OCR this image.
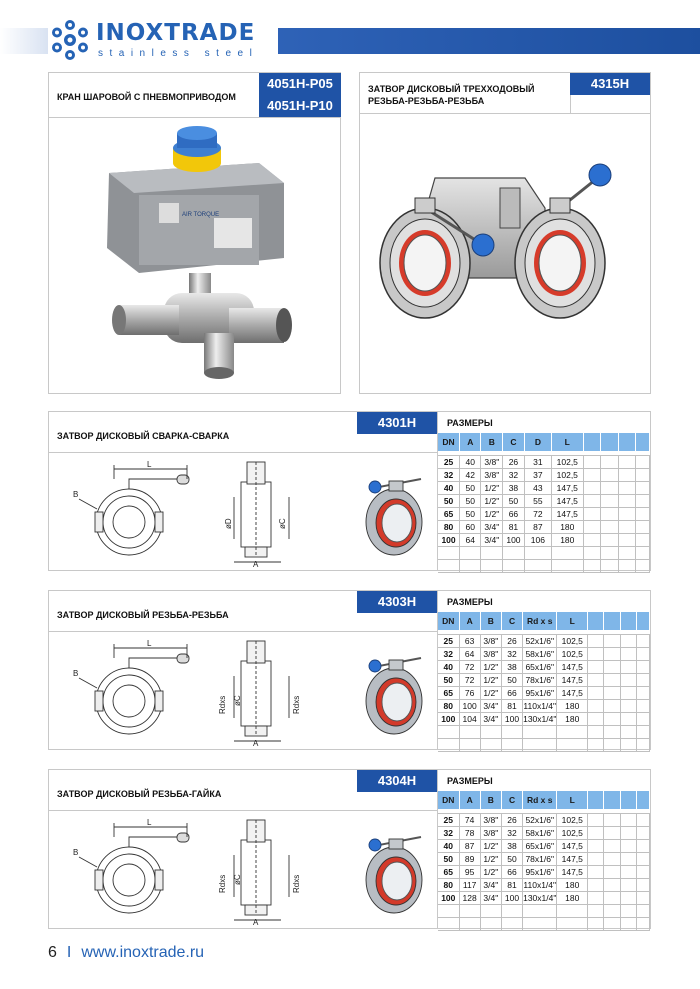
INOXTRADE
stainless steel
КРАН ШАРОВОЙ С ПНЕВМОПРИВОДОМ
4051H-P05
4051H-P10
AIR TORQUE
ЗАТВОР ДИСКОВЫЙ ТРЕХХОДОВЫЙ
РЕЗЬБА-РЕЗЬБА-РЕЗЬБА
4315H
ЗАТВОР ДИСКОВЫЙ СВАРКА-СВАРКА
4301H	РАЗМЕРЫ
DN	A	B	C	D	L				

25	40	3/8"	26	31	102,5				
32	42	3/8"	32	37	102,5				
40	50	1/2"	38	43	147,5				
50	50	1/2"	50	55	147,5				
65	50	1/2"	66	72	147,5				
80	60	3/4"	81	87	180				
100	64	3/4"	100	106	180				

L
B
øD	øC
A
ЗАТВОР ДИСКОВЫЙ РЕЗЬБА-РЕЗЬБА
4303H	РАЗМЕРЫ
DN	A	B	C	Rd x s	L				

25	63	3/8"	26	52x1/6"	102,5				
32	64	3/8"	32	58x1/6"	102,5				
40	72	1/2"	38	65x1/6"	147,5				
50	72	1/2"	50	78x1/6"	147,5				
65	76	1/2"	66	95x1/6"	147,5				
80	100	3/4"	81	110x1/4"	180				
100	104	3/4"	100	130x1/4"	180				

L
B
Rdxs øC	Rdxs
A
ЗАТВОР ДИСКОВЫЙ РЕЗЬБА-ГАЙКА
4304H	РАЗМЕРЫ
DN	A	B	C	Rd x s	L				

25	74	3/8"	26	52x1/6"	102,5				
32	78	3/8"	32	58x1/6"	102,5				
40	87	1/2"	38	65x1/6"	147,5				
50	89	1/2"	50	78x1/6"	147,5				
65	95	1/2"	66	95x1/6"	147,5				
80	117	3/4"	81	110x1/4"	180				
100	128	3/4"	100	130x1/4"	180				

L
B
Rdxs øC	Rdxs
A
6 I www.inoxtrade.ru
